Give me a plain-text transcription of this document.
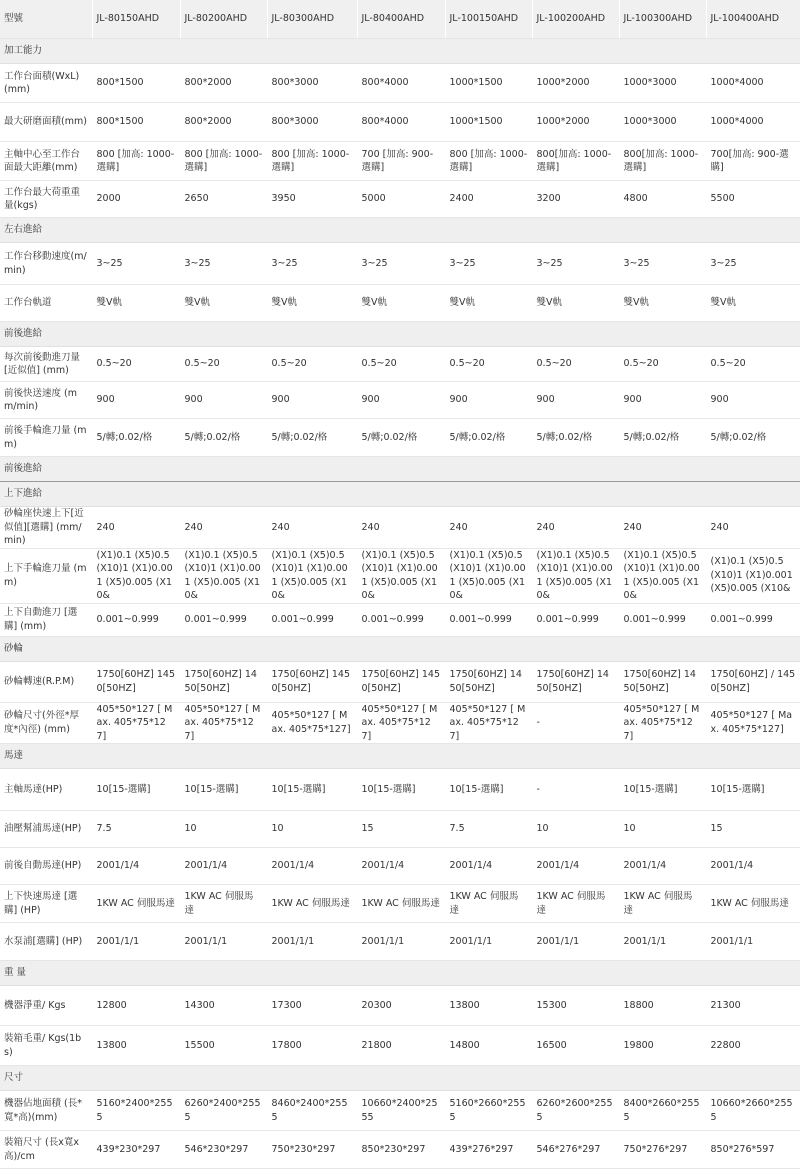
型號	JL-80150AHD	JL-80200AHD	JL-80300AHD	JL-80400AHD	JL-100150AHD	JL-100200AHD	JL-100300AHD	JL-100400AHD
加工能力								
工作台面積(WxL)(mm)	800*1500	800*2000	800*3000	800*4000	1000*1500	1000*2000	1000*3000	1000*4000
最大研磨面積(mm)	800*1500	800*2000	800*3000	800*4000	1000*1500	1000*2000	1000*3000	1000*4000
主軸中心至工作台面最大距離(mm)	800 [加高: 1000-選購]	800 [加高: 1000-選購]	800 [加高: 1000-選購]	700 [加高: 900-選購]	800 [加高: 1000-選購]	800[加高: 1000-選購]	800[加高: 1000-選購]	700[加高: 900-選購]
工作台最大荷重重量(kgs)	2000	2650	3950	5000	2400	3200	4800	5500
左右進給								
工作台移動速度(m/min)	3~25	3~25	3~25	3~25	3~25	3~25	3~25	3~25
工作台軌道	雙V軌	雙V軌	雙V軌	雙V軌	雙V軌	雙V軌	雙V軌	雙V軌
前後進給								
每次前後動進刀量[近似值] (mm)	0.5~20	0.5~20	0.5~20	0.5~20	0.5~20	0.5~20	0.5~20	0.5~20
前後快送速度 (mm/min)	900	900	900	900	900	900	900	900
前後手輪進刀量 (mm)	5/轉;0.02/格	5/轉;0.02/格	5/轉;0.02/格	5/轉;0.02/格	5/轉;0.02/格	5/轉;0.02/格	5/轉;0.02/格	5/轉;0.02/格
前後進給								
上下進給								
砂輪座快速上下[近似值][選購] (mm/min)	240	240	240	240	240	240	240	240
上下手輪進刀量 (mm)	(X1)0.1 (X5)0.5 (X10)1 (X1)0.001 (X5)0.005 (X10&	(X1)0.1 (X5)0.5 (X10)1 (X1)0.001 (X5)0.005 (X10&	(X1)0.1 (X5)0.5 (X10)1 (X1)0.001 (X5)0.005 (X10&	(X1)0.1 (X5)0.5 (X10)1 (X1)0.001 (X5)0.005 (X10&	(X1)0.1 (X5)0.5 (X10)1 (X1)0.001 (X5)0.005 (X10&	(X1)0.1 (X5)0.5 (X10)1 (X1)0.001 (X5)0.005 (X10&	(X1)0.1 (X5)0.5 (X10)1 (X1)0.001 (X5)0.005 (X10&	(X1)0.1 (X5)0.5 (X10)1 (X1)0.001 (X5)0.005 (X10&
上下自動進刀 [選購] (mm)	0.001~0.999	0.001~0.999	0.001~0.999	0.001~0.999	0.001~0.999	0.001~0.999	0.001~0.999	0.001~0.999
砂輪								
砂輪轉速(R.P.M)	1750[60HZ] 1450[50HZ]	1750[60HZ] 1450[50HZ]	1750[60HZ] 1450[50HZ]	1750[60HZ] 1450[50HZ]	1750[60HZ] 1450[50HZ]	1750[60HZ] 1450[50HZ]	1750[60HZ] 1450[50HZ]	1750[60HZ] / 1450[50HZ]
砂輪尺寸(外徑*厚度*內徑) (mm)	405*50*127 [ Max. 405*75*127]	405*50*127 [ Max. 405*75*127]	405*50*127 [ Max. 405*75*127]	405*50*127 [ Max. 405*75*127]	405*50*127 [ Max. 405*75*127]	-	405*50*127 [ Max. 405*75*127]	405*50*127 [ Max. 405*75*127]
馬達								
主軸馬達(HP)	10[15-選購]	10[15-選購]	10[15-選購]	10[15-選購]	10[15-選購]	-	10[15-選購]	10[15-選購]
油壓幫浦馬達(HP)	7.5	10	10	15	7.5	10	10	15
前後自動馬達(HP)	2001/1/4	2001/1/4	2001/1/4	2001/1/4	2001/1/4	2001/1/4	2001/1/4	2001/1/4
上下快速馬達 [選購] (HP)	1KW AC 伺服馬達	1KW AC 伺服馬達	1KW AC 伺服馬達	1KW AC 伺服馬達	1KW AC 伺服馬達	1KW AC 伺服馬達	1KW AC 伺服馬達	1KW AC 伺服馬達
水泵浦[選購] (HP)	2001/1/1	2001/1/1	2001/1/1	2001/1/1	2001/1/1	2001/1/1	2001/1/1	2001/1/1
重 量								
機器淨重/ Kgs	12800	14300	17300	20300	13800	15300	18800	21300
裝箱毛重/ Kgs(1bs)	13800	15500	17800	21800	14800	16500	19800	22800
尺寸								
機器佔地面積 (長*寬*高)(mm)	5160*2400*2555	6260*2400*2555	8460*2400*2555	10660*2400*2555	5160*2660*2555	6260*2600*2555	8400*2660*2555	10660*2660*2555
裝箱尺寸 (長x寬x高)/cm	439*230*297	546*230*297	750*230*297	850*230*297	439*276*297	546*276*297	750*276*297	850*276*597
